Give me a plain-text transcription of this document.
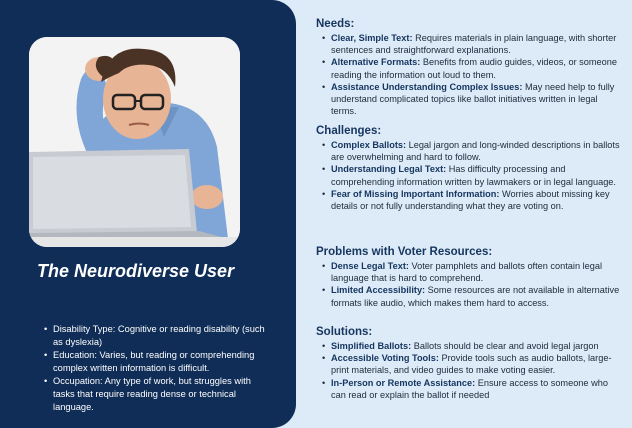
The Neurodiverse User
• Disability Type: Cognitive or reading disability (such as dyslexia)
• Education: Varies, but reading or comprehending complex written information is difficult.
• Occupation: Any type of work, but struggles with tasks that require reading dense or technical language.
Needs:
• Clear, Simple Text: Requires materials in plain language, with shorter sentences and straightforward explanations.
• Alternative Formats: Benefits from audio guides, videos, or someone reading the information out loud to them.
• Assistance Understanding Complex Issues: May need help to fully understand complicated topics like ballot initiatives written in legal terms.
Challenges:
• Complex Ballots: Legal jargon and long-winded descriptions in ballots are overwhelming and hard to follow.
• Understanding Legal Text: Has difficulty processing and comprehending information written by lawmakers or in legal language.
• Fear of Missing Important Information: Worries about missing key details or not fully understanding what they are voting on.
Problems with Voter Resources:
• Dense Legal Text: Voter pamphlets and ballots often contain legal language that is hard to comprehend.
• Limited Accessibility: Some resources are not available in alternative formats like audio, which makes them hard to access.
Solutions:
• Simplified Ballots: Ballots should be clear and avoid legal jargon
• Accessible Voting Tools: Provide tools such as audio ballots, large-print materials, and video guides to make voting easier.
• In-Person or Remote Assistance: Ensure access to someone who can read or explain the ballot if needed
